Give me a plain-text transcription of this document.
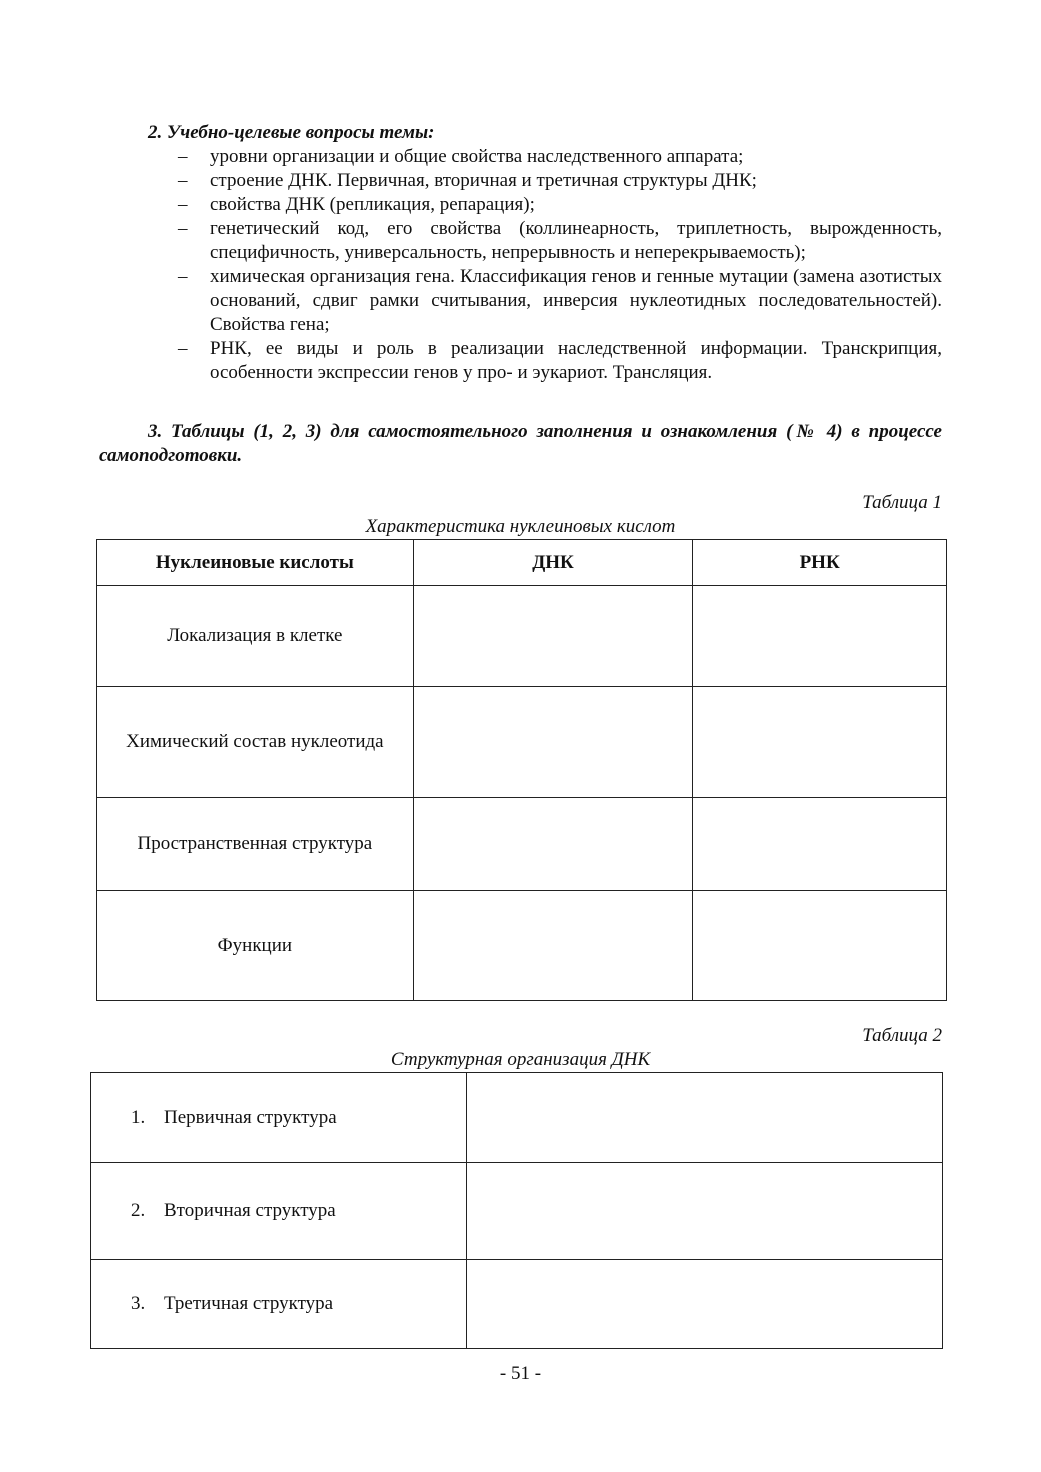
2. Учебно-целевые вопросы темы:

– уровни организации и общие свойства наследственного аппарата;
– строение ДНК. Первичная, вторичная и третичная структуры ДНК;
– свойства ДНК (репликация, репарация);
– генетический код, его свойства (коллинеарность, триплетность, вырожденность, специфичность, универсальность, непрерывность и неперекрываемость);
– химическая организация гена. Классификация генов и генные мутации (замена азотистых оснований, сдвиг рамки считывания, инверсия нуклеотидных последовательностей). Свойства гена;
– РНК, ее виды и роль в реализации наследственной информации. Транскрипция, особенности экспрессии генов у про- и эукариот. Трансляция.

3. Таблицы (1, 2, 3) для самостоятельного заполнения и ознакомления (№ 4) в процессе самоподготовки.

Таблица 1

Характеристика нуклеиновых кислот

Нуклеиновые кислоты	ДНК	РНК
Локализация в клетке		
Химический состав нуклеотида		
Пространственная структура		
Функции		

Таблица 2

Структурная организация ДНК

1. Первичная структура	
2. Вторичная структура	
3. Третичная структура	

- 51 -
